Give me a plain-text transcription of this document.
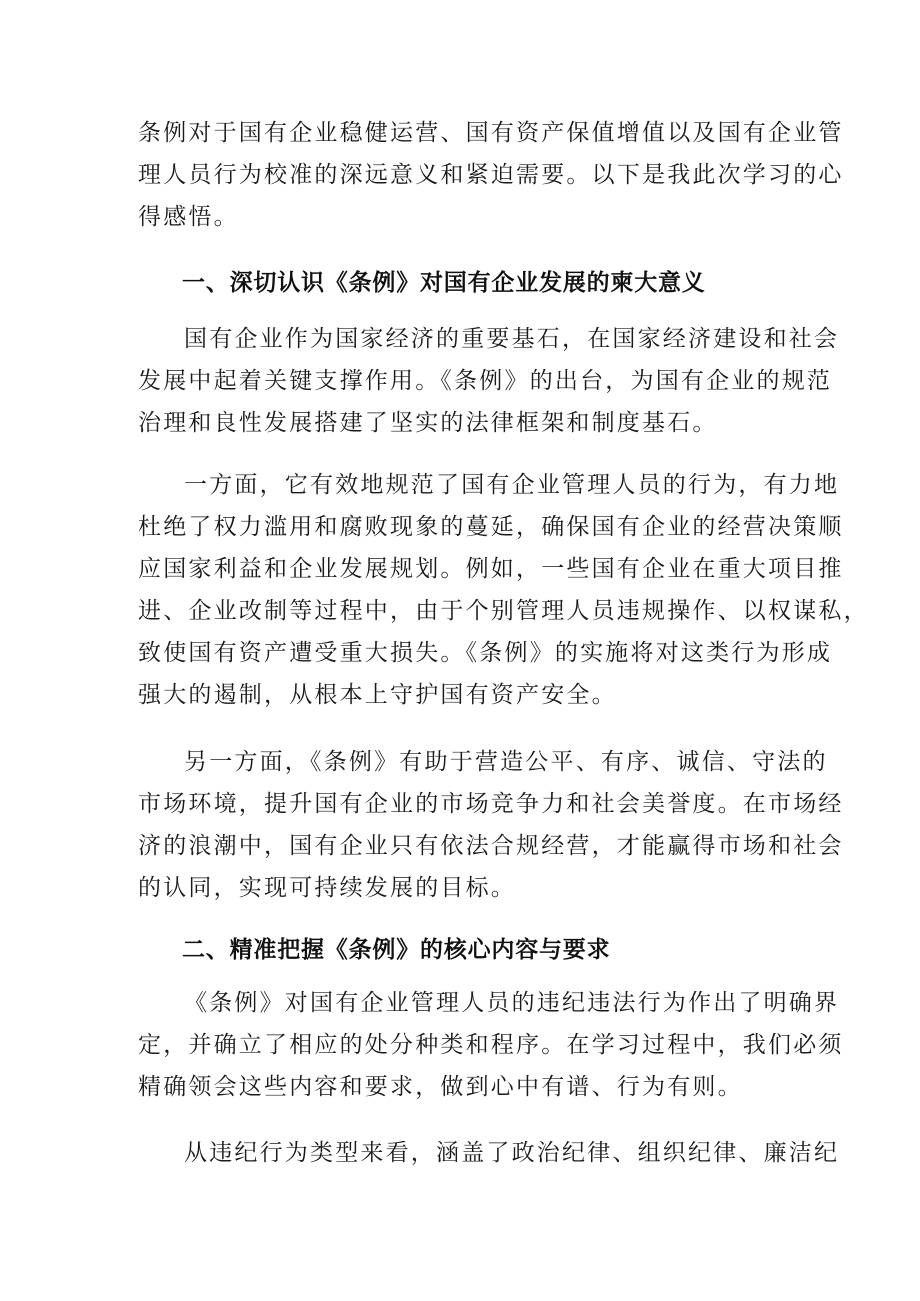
条例对于国有企业稳健运营、国有资产保值增值以及国有企业管
理人员行为校准的深远意义和紧迫需要。以下是我此次学习的心
得感悟。

一、深切认识《条例》对国有企业发展的柬大意义

国有企业作为国家经济的重要基石，在国家经济建设和社会
发展中起着关键支撑作用。《条例》的出台，为国有企业的规范
治理和良性发展搭建了坚实的法律框架和制度基石。

一方面，它有效地规范了国有企业管理人员的行为，有力地
杜绝了权力滥用和腐败现象的蔓延，确保国有企业的经营决策顺
应国家利益和企业发展规划。例如，一些国有企业在重大项目推
进、企业改制等过程中，由于个别管理人员违规操作、以权谋私，
致使国有资产遭受重大损失。《条例》的实施将对这类行为形成
强大的遏制，从根本上守护国有资产安全。

另一方面，《条例》有助于营造公平、有序、诚信、守法的
市场环境，提升国有企业的市场竞争力和社会美誉度。在市场经
济的浪潮中，国有企业只有依法合规经营，才能赢得市场和社会
的认同，实现可持续发展的目标。

二、精准把握《条例》的核心内容与要求

《条例》对国有企业管理人员的违纪违法行为作出了明确界
定，并确立了相应的处分种类和程序。在学习过程中，我们必须
精确领会这些内容和要求，做到心中有谱、行为有则。

从违纪行为类型来看，涵盖了政治纪律、组织纪律、廉洁纪
